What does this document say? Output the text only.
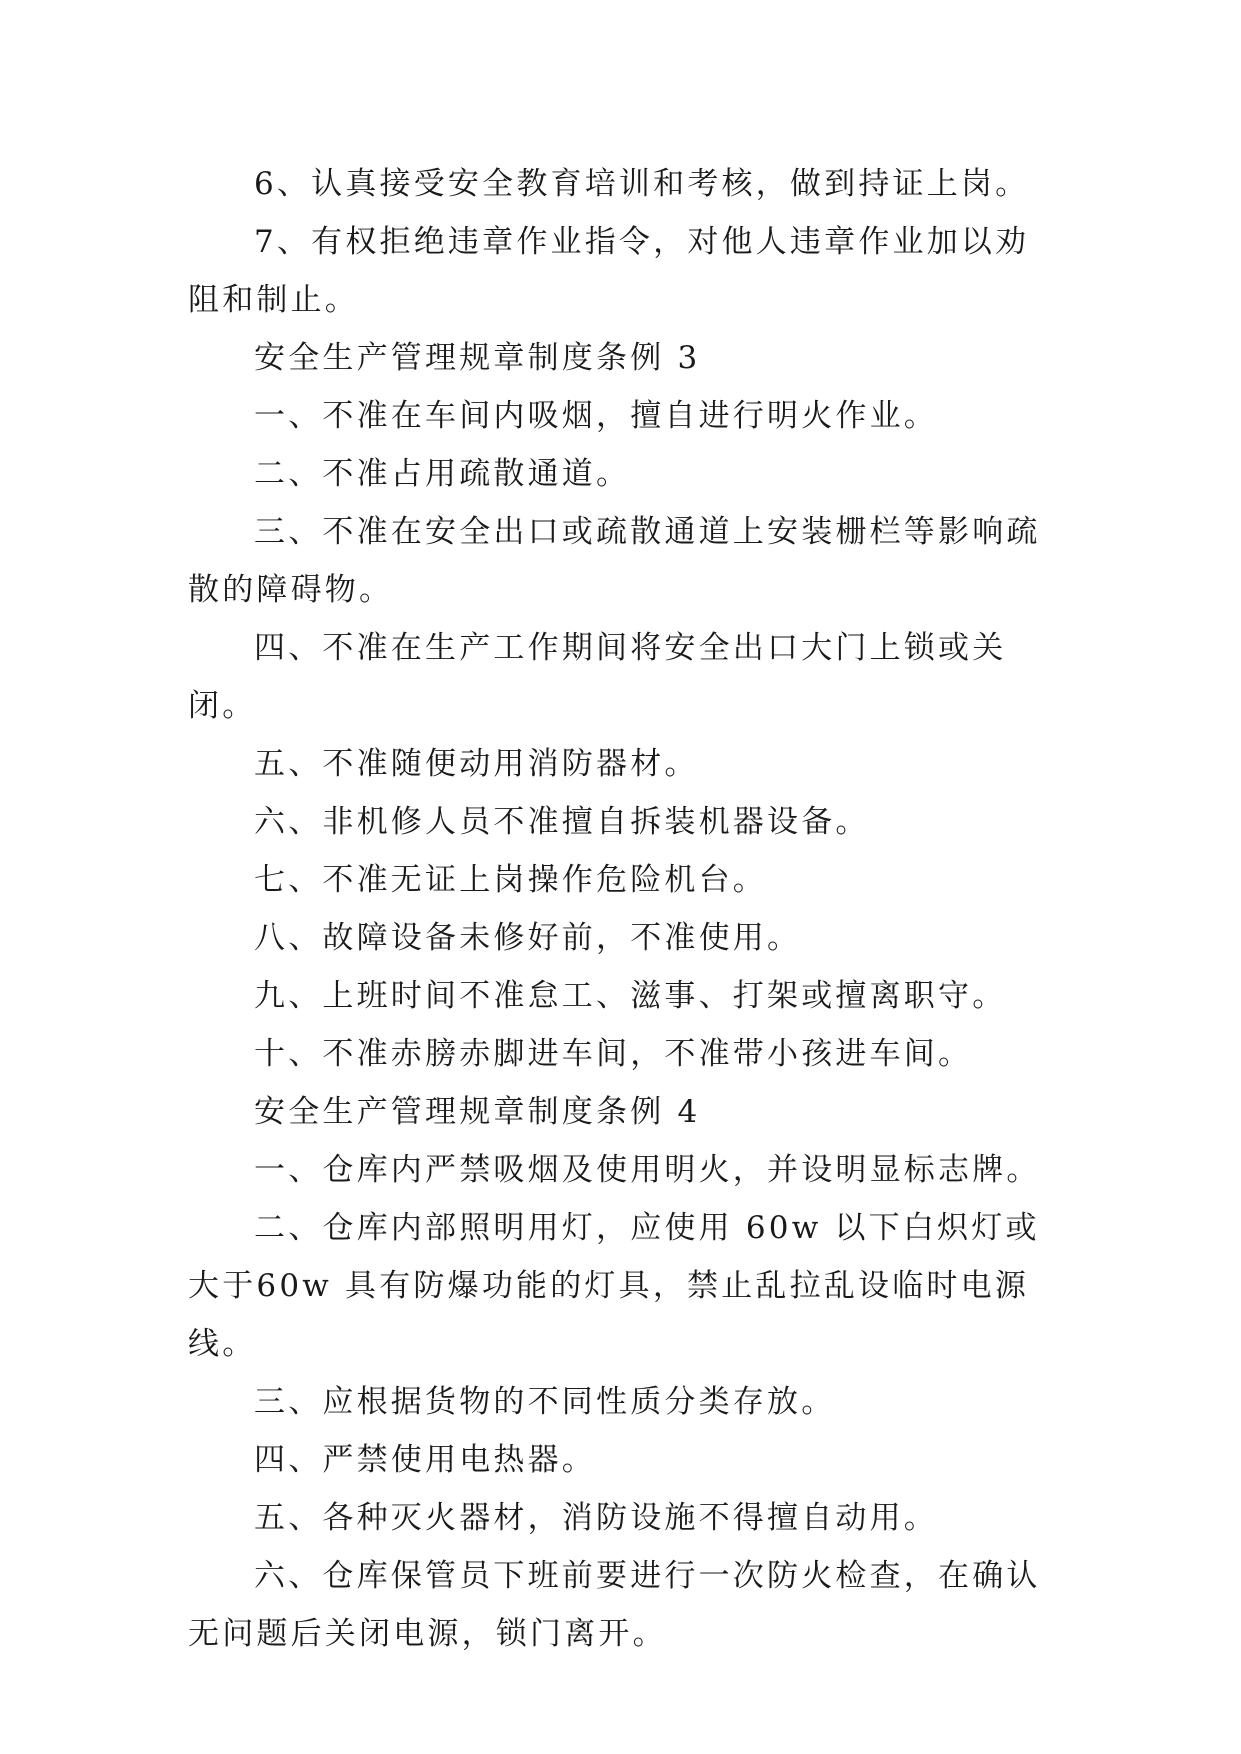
6、认真接受安全教育培训和考核，做到持证上岗。

7、有权拒绝违章作业指令，对他人违章作业加以劝阻和制止。

安全生产管理规章制度条例 3

一、不准在车间内吸烟，擅自进行明火作业。

二、不准占用疏散通道。

三、不准在安全出口或疏散通道上安装栅栏等影响疏散的障碍物。

四、不准在生产工作期间将安全出口大门上锁或关闭。

五、不准随便动用消防器材。

六、非机修人员不准擅自拆装机器设备。

七、不准无证上岗操作危险机台。

八、故障设备未修好前，不准使用。

九、上班时间不准怠工、滋事、打架或擅离职守。

十、不准赤膀赤脚进车间，不准带小孩进车间。

安全生产管理规章制度条例 4

一、仓库内严禁吸烟及使用明火，并设明显标志牌。

二、仓库内部照明用灯，应使用 60w 以下白炽灯或大于60w 具有防爆功能的灯具，禁止乱拉乱设临时电源线。

三、应根据货物的不同性质分类存放。

四、严禁使用电热器。

五、各种灭火器材，消防设施不得擅自动用。

六、仓库保管员下班前要进行一次防火检查，在确认无问题后关闭电源，锁门离开。
